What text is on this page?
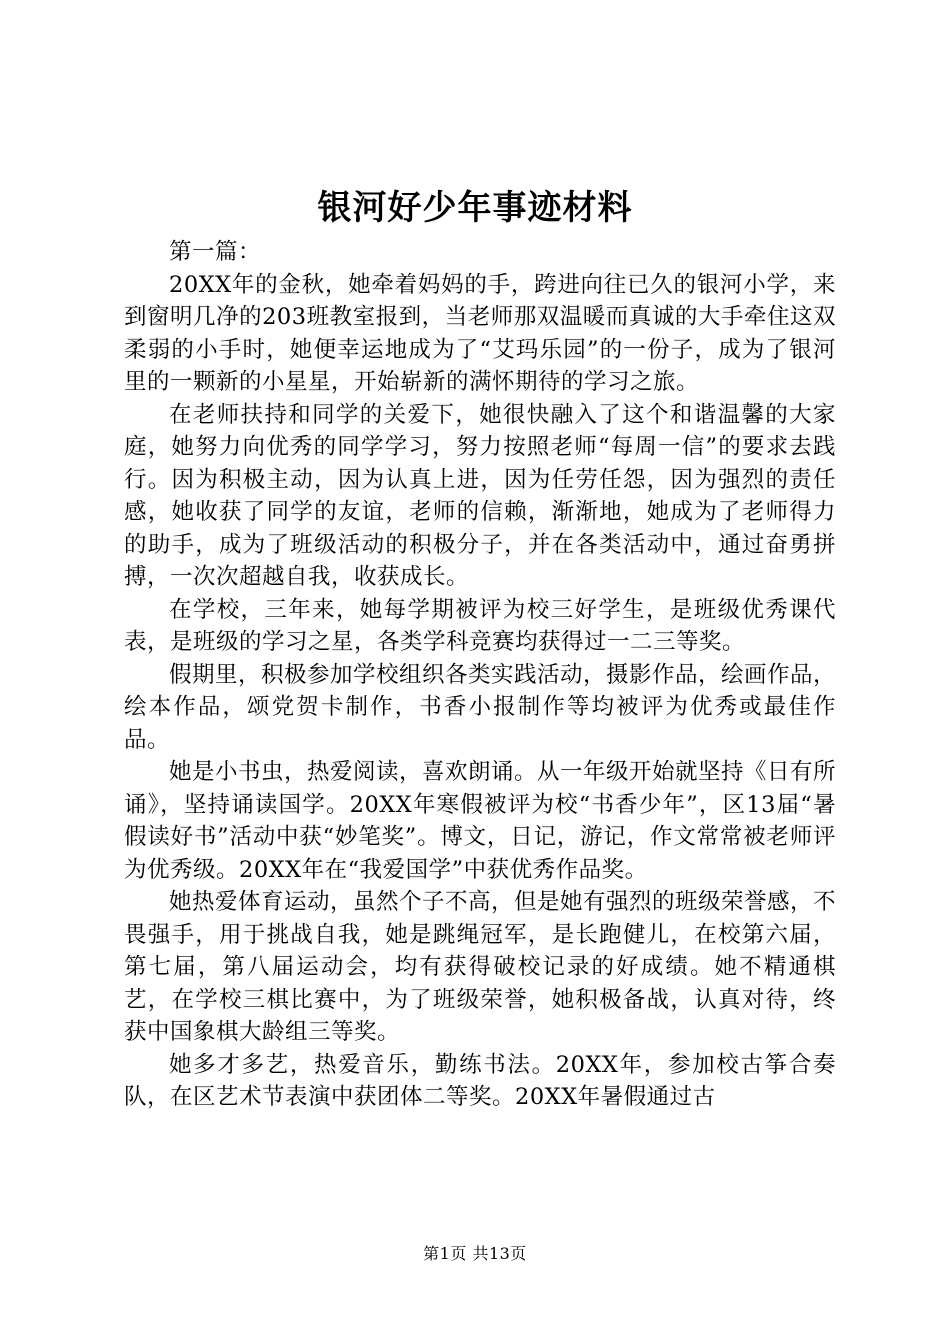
银河好少年事迹材料

第一篇：

20XX年的金秋，她牵着妈妈的手，跨进向往已久的银河小学，来到窗明几净的203班教室报到，当老师那双温暖而真诚的大手牵住这双柔弱的小手时，她便幸运地成为了“艾玛乐园”的一份子，成为了银河里的一颗新的小星星，开始崭新的满怀期待的学习之旅。

在老师扶持和同学的关爱下，她很快融入了这个和谐温馨的大家庭，她努力向优秀的同学学习，努力按照老师“每周一信”的要求去践行。因为积极主动，因为认真上进，因为任劳任怨，因为强烈的责任感，她收获了同学的友谊，老师的信赖，渐渐地，她成为了老师得力的助手，成为了班级活动的积极分子，并在各类活动中，通过奋勇拼搏，一次次超越自我，收获成长。

在学校，三年来，她每学期被评为校三好学生，是班级优秀课代表，是班级的学习之星，各类学科竞赛均获得过一二三等奖。

假期里，积极参加学校组织各类实践活动，摄影作品，绘画作品，绘本作品，颂党贺卡制作，书香小报制作等均被评为优秀或最佳作品。

她是小书虫，热爱阅读，喜欢朗诵。从一年级开始就坚持《日有所诵》，坚持诵读国学。20XX年寒假被评为校“书香少年”，区13届“暑假读好书”活动中获“妙笔奖”。博文，日记，游记，作文常常被老师评为优秀级。20XX年在“我爱国学”中获优秀作品奖。

她热爱体育运动，虽然个子不高，但是她有强烈的班级荣誉感，不畏强手，用于挑战自我，她是跳绳冠军，是长跑健儿，在校第六届，第七届，第八届运动会，均有获得破校记录的好成绩。她不精通棋艺，在学校三棋比赛中，为了班级荣誉，她积极备战，认真对待，终获中国象棋大龄组三等奖。

她多才多艺，热爱音乐，勤练书法。20XX年，参加校古筝合奏队，在区艺术节表演中获团体二等奖。20XX年暑假通过古

第1页 共13页
